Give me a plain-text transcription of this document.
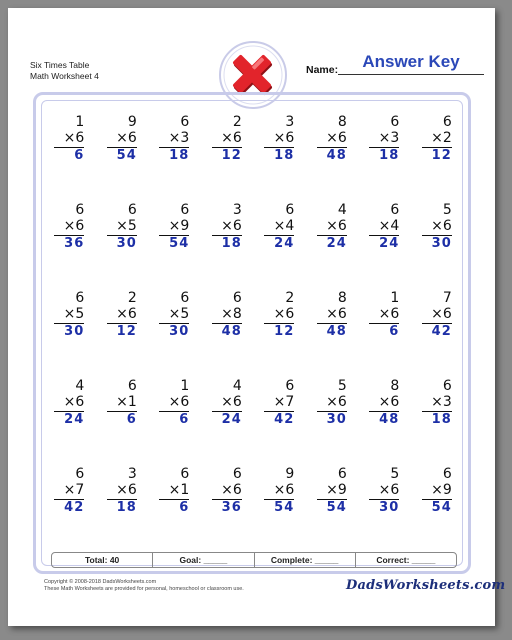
Six Times Table
Math Worksheet 4	Name:	Answer Key
1
×6
6
9
×6
54
6
×3
18
2
×6
12
3
×6
18
8
×6
48
6
×3
18
6
×2
12
6
×6
36
6
×5
30
6
×9
54
3
×6
18
6
×4
24
4
×6
24
6
×4
24
5
×6
30
6
×5
30
2
×6
12
6
×5
30
6
×8
48
2
×6
12
8
×6
48
1
×6
6
7
×6
42
4
×6
24
6
×1
6
1
×6
6
4
×6
24
6
×7
42
5
×6
30
8
×6
48
6
×3
18
6
×7
42
3
×6
18
6
×1
6
6
×6
36
9
×6
54
6
×9
54
5
×6
30
6
×9
54
Total: 40	Goal: _____	Complete: _____	Correct: _____
Copyright © 2008-2018 DadsWorksheets.com
These Math Worksheets are provided for personal, homeschool or classroom use.	DadsWorksheets.com
